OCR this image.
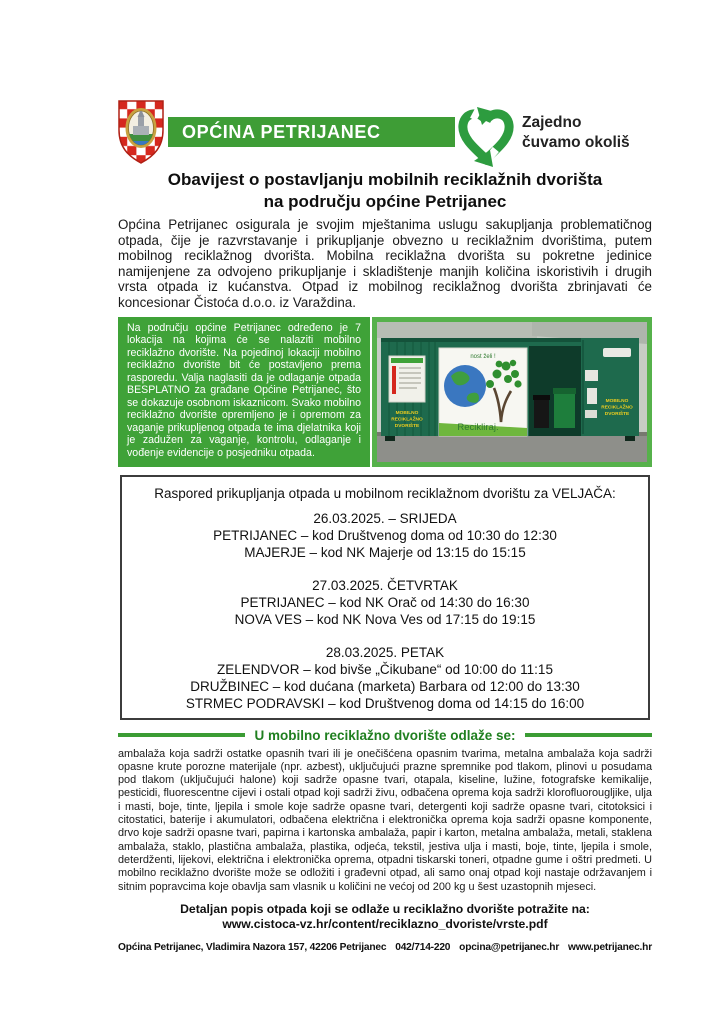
OPĆINA PETRIJANEC	Zajedno
čuvamo okoliš
Obavijest o postavljanju mobilnih reciklažnih dvorišta
na području općine Petrijanec

Općina Petrijanec osigurala je svojim mještanima uslugu sakupljanja problematičnog otpada, čije je razvrstavanje i prikupljanje obvezno u reciklažnim dvorištima, putem mobilnog reciklažnog dvorišta. Mobilna reciklažna dvorišta su pokretne jedinice namijenjene za odvojeno prikupljanje i skladištenje manjih količina iskoristivih i drugih vrsta otpada iz kućanstva. Otpad iz mobilnog reciklažnog dvorišta zbrinjavati će koncesionar Čistoća d.o.o. iz Varaždina.

Na području općine Petrijanec određeno je 7 lokacija na kojima će se nalaziti mobilno reciklažno dvorište. Na pojedinoj lokaciji mobilno reciklažno dvorište bit će postavljeno prema rasporedu. Valja naglasiti da je odlaganje otpada BESPLATNO za građane Općine Petrijanec, što se dokazuje osobnom iskaznicom. Svako mobilno reciklažno dvorište opremljeno je i opremom za vaganje prikupljenog otpada te ima djelatnika koji je zadužen za vaganje, kontrolu, odlaganje i vođenje evidencije o posjedniku otpada.
MOBILNO
RECIKLAŽNO
DVORIŠTE
nost želi !
Recikliraj.
MOBILNO
RECIKLAŽNO
DVORIŠTE
Raspored prikupljanja otpada u mobilnom reciklažnom dvorištu za VELJAČA:
26.03.2025. – SRIJEDA
PETRIJANEC – kod Društvenog doma od 10:30 do 12:30
MAJERJE – kod NK Majerje od 13:15 do 15:15
27.03.2025. ČETVRTAK
PETRIJANEC – kod NK Orač od 14:30 do 16:30
NOVA VES – kod NK Nova Ves od 17:15 do 19:15
28.03.2025. PETAK
ZELENDVOR – kod bivše „Čikubane“ od 10:00 do 11:15
DRUŽBINEC – kod dućana (marketa) Barbara od 12:00 do 13:30
STRMEC PODRAVSKI – kod Društvenog doma od 14:15 do 16:00
U mobilno reciklažno dvorište odlaže se:

ambalaža koja sadrži ostatke opasnih tvari ili je onečišćena opasnim tvarima, metalna ambalaža koja sadrži opasne krute porozne materijale (npr. azbest), uključujući prazne spremnike pod tlakom, plinovi u posudama pod tlakom (uključujući halone) koji sadrže opasne tvari, otapala, kiseline, lužine, fotografske kemikalije, pesticidi, fluorescentne cijevi i ostali otpad koji sadrži živu, odbačena oprema koja sadrži klorofluorougljike, ulja i masti, boje, tinte, ljepila i smole koje sadrže opasne tvari, detergenti koji sadrže opasne tvari, citotoksici i citostatici, baterije i akumulatori, odbačena električna i elektronička oprema koja sadrži opasne komponente, drvo koje sadrži opasne tvari, papirna i kartonska ambalaža, papir i karton, metalna ambalaža, metali, staklena ambalaža, staklo, plastična ambalaža, plastika, odjeća, tekstil, jestiva ulja i masti, boje, tinte, ljepila i smole, deterdženti, lijekovi, električna i elektronička oprema, otpadni tiskarski toneri, otpadne gume i oštri predmeti. U mobilno reciklažno dvorište može se odložiti i građevni otpad, ali samo onaj otpad koji nastaje održavanjem i sitnim popravcima koje obavlja sam vlasnik u količini ne većoj od 200 kg u šest uzastopnih mjeseci.

Detaljan popis otpada koji se odlaže u reciklažno dvorište potražite na:
www.cistoca-vz.hr/content/reciklazno_dvoriste/vrste.pdf
Općina Petrijanec, Vladimira Nazora 157, 42206 Petrijanec 042/714-220 opcina@petrijanec.hr www.petrijanec.hr
